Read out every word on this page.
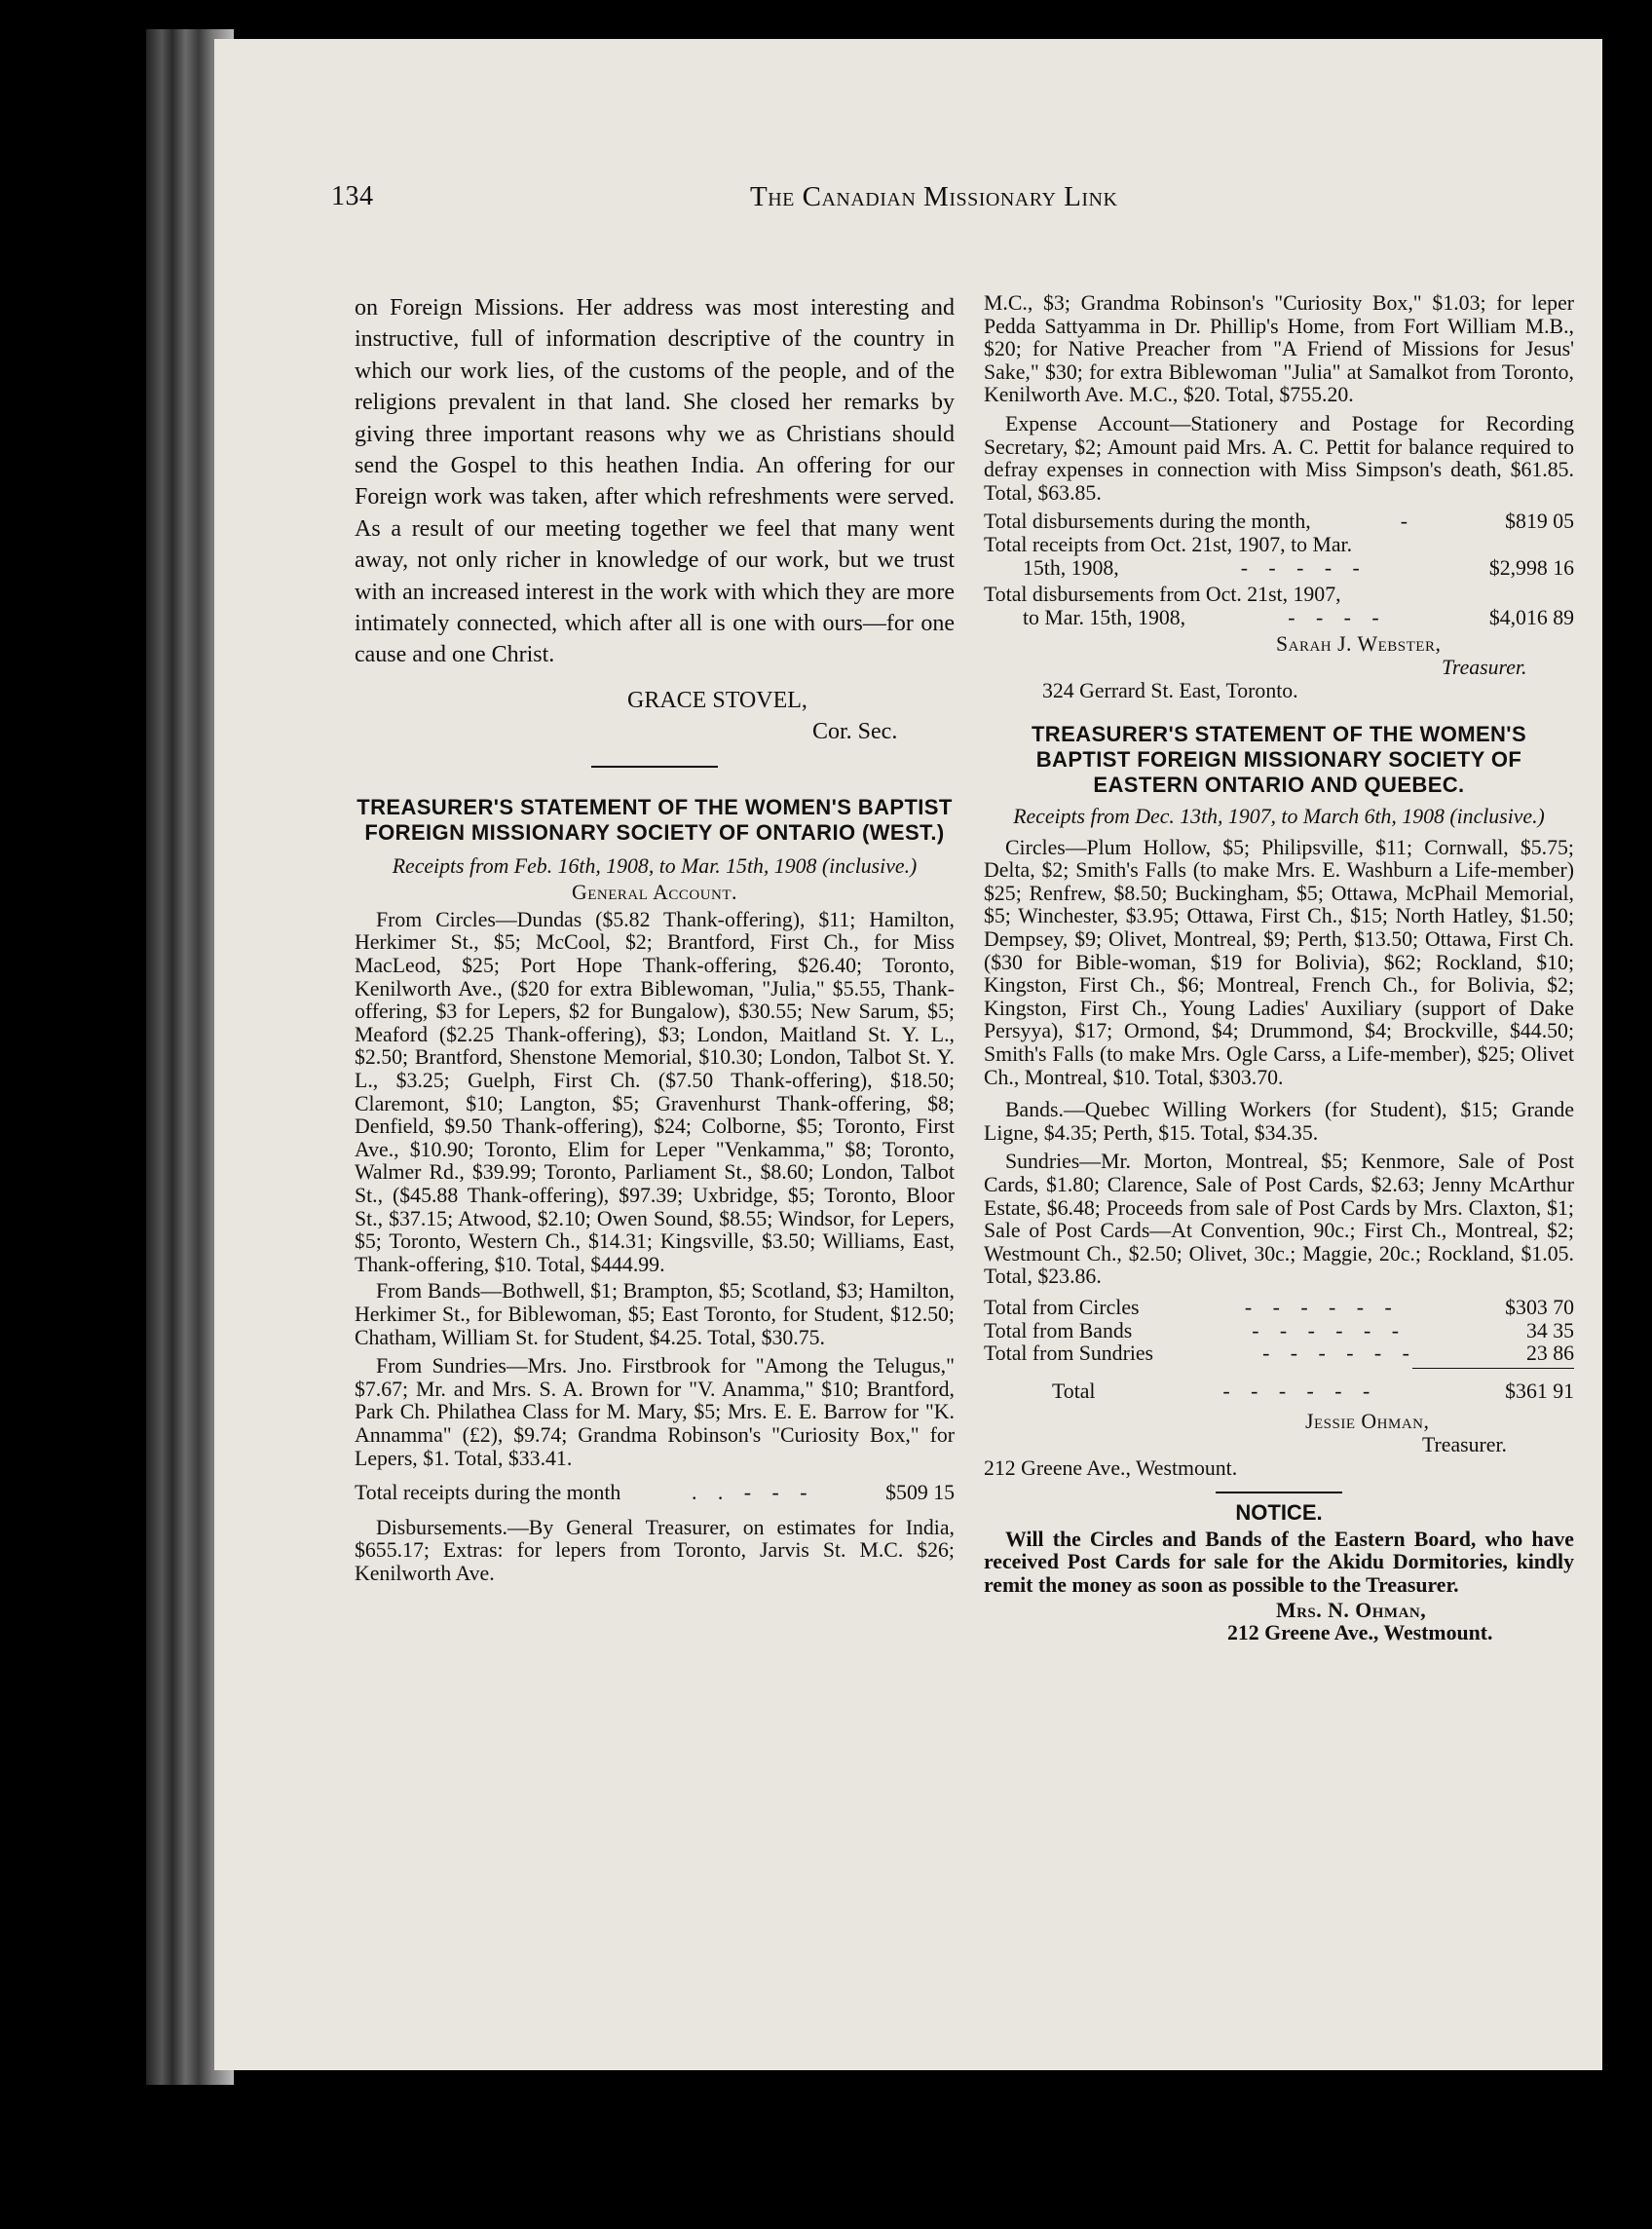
134	The Canadian Missionary Link

on Foreign Missions. Her address was most interesting and instructive, full of information descriptive of the country in which our work lies, of the customs of the people, and of the religions prevalent in that land. She closed her remarks by giving three important reasons why we as Christians should send the Gospel to this heathen India. An offering for our Foreign work was taken, after which refreshments were served. As a result of our meeting together we feel that many went away, not only richer in knowledge of our work, but we trust with an increased interest in the work with which they are more intimately connected, which after all is one with ours—for one cause and one Christ.

GRACE STOVEL,
Cor. Sec.
TREASURER'S STATEMENT OF THE WOMEN'S BAPTIST FOREIGN MISSIONARY SOCIETY OF ONTARIO (WEST.)
Receipts from Feb. 16th, 1908, to Mar. 15th, 1908 (inclusive.)
General Account.

From Circles—Dundas ($5.82 Thank-offering), $11; Hamilton, Herkimer St., $5; McCool, $2; Brantford, First Ch., for Miss MacLeod, $25; Port Hope Thank-offering, $26.40; Toronto, Kenilworth Ave., ($20 for extra Biblewoman, "Julia," $5.55, Thank-offering, $3 for Lepers, $2 for Bungalow), $30.55; New Sarum, $5; Meaford ($2.25 Thank-offering), $3; London, Maitland St. Y. L., $2.50; Brantford, Shenstone Memorial, $10.30; London, Talbot St. Y. L., $3.25; Guelph, First Ch. ($7.50 Thank-offering), $18.50; Claremont, $10; Langton, $5; Gravenhurst Thank-offering, $8; Denfield, $9.50 Thank-offering), $24; Colborne, $5; Toronto, First Ave., $10.90; Toronto, Elim for Leper "Venkamma," $8; Toronto, Walmer Rd., $39.99; Toronto, Parliament St., $8.60; London, Talbot St., ($45.88 Thank-offering), $97.39; Uxbridge, $5; Toronto, Bloor St., $37.15; Atwood, $2.10; Owen Sound, $8.55; Windsor, for Lepers, $5; Toronto, Western Ch., $14.31; Kingsville, $3.50; Williams, East, Thank-offering, $10. Total, $444.99.

From Bands—Bothwell, $1; Brampton, $5; Scotland, $3; Hamilton, Herkimer St., for Biblewoman, $5; East Toronto, for Student, $12.50; Chatham, William St. for Student, $4.25. Total, $30.75.

From Sundries—Mrs. Jno. Firstbrook for "Among the Telugus," $7.67; Mr. and Mrs. S. A. Brown for "V. Anamma," $10; Brantford, Park Ch. Philathea Class for M. Mary, $5; Mrs. E. E. Barrow for "K. Annamma" (£2), $9.74; Grandma Robinson's "Curiosity Box," for Lepers, $1. Total, $33.41.

Total receipts during the month	. . - - -	$509 15

Disbursements.—By General Treasurer, on estimates for India, $655.17; Extras: for lepers from Toronto, Jarvis St. M.C. $26; Kenilworth Ave.

M.C., $3; Grandma Robinson's "Curiosity Box," $1.03; for leper Pedda Sattyamma in Dr. Phillip's Home, from Fort William M.B., $20; for Native Preacher from "A Friend of Missions for Jesus' Sake," $30; for extra Biblewoman "Julia" at Samalkot from Toronto, Kenilworth Ave. M.C., $20. Total, $755.20.

Expense Account—Stationery and Postage for Recording Secretary, $2; Amount paid Mrs. A. C. Pettit for balance required to defray expenses in connection with Miss Simpson's death, $61.85. Total, $63.85.

Total disbursements during the month,	-	$819 05
Total receipts from Oct. 21st, 1907, to Mar.
15th, 1908,	- - - - -	$2,998 16
Total disbursements from Oct. 21st, 1907,
to Mar. 15th, 1908,	- - - -	$4,016 89
Sarah J. Webster,
Treasurer.
324 Gerrard St. East, Toronto.
TREASURER'S STATEMENT OF THE WOMEN'S BAPTIST FOREIGN MISSIONARY SOCIETY OF EASTERN ONTARIO AND QUEBEC.
Receipts from Dec. 13th, 1907, to March 6th, 1908 (inclusive.)

Circles—Plum Hollow, $5; Philipsville, $11; Cornwall, $5.75; Delta, $2; Smith's Falls (to make Mrs. E. Washburn a Life-member) $25; Renfrew, $8.50; Buckingham, $5; Ottawa, McPhail Memorial, $5; Winchester, $3.95; Ottawa, First Ch., $15; North Hatley, $1.50; Dempsey, $9; Olivet, Montreal, $9; Perth, $13.50; Ottawa, First Ch. ($30 for Bible-woman, $19 for Bolivia), $62; Rockland, $10; Kingston, First Ch., $6; Montreal, French Ch., for Bolivia, $2; Kingston, First Ch., Young Ladies' Auxiliary (support of Dake Persyya), $17; Ormond, $4; Drummond, $4; Brockville, $44.50; Smith's Falls (to make Mrs. Ogle Carss, a Life-member), $25; Olivet Ch., Montreal, $10. Total, $303.70.

Bands.—Quebec Willing Workers (for Student), $15; Grande Ligne, $4.35; Perth, $15. Total, $34.35.

Sundries—Mr. Morton, Montreal, $5; Kenmore, Sale of Post Cards, $1.80; Clarence, Sale of Post Cards, $2.63; Jenny McArthur Estate, $6.48; Proceeds from sale of Post Cards by Mrs. Claxton, $1; Sale of Post Cards—At Convention, 90c.; First Ch., Montreal, $2; Westmount Ch., $2.50; Olivet, 30c.; Maggie, 20c.; Rockland, $1.05. Total, $23.86.

Total from Circles	- - - - - -	$303 70
Total from Bands	- - - - - -	34 35
Total from Sundries	- - - - - -	23 86
Total	- - - - - -	$361 91
Jessie Ohman,
Treasurer.
212 Greene Ave., Westmount.
NOTICE.

Will the Circles and Bands of the Eastern Board, who have received Post Cards for sale for the Akidu Dormitories, kindly remit the money as soon as possible to the Treasurer.

Mrs. N. Ohman,
212 Greene Ave., Westmount.
